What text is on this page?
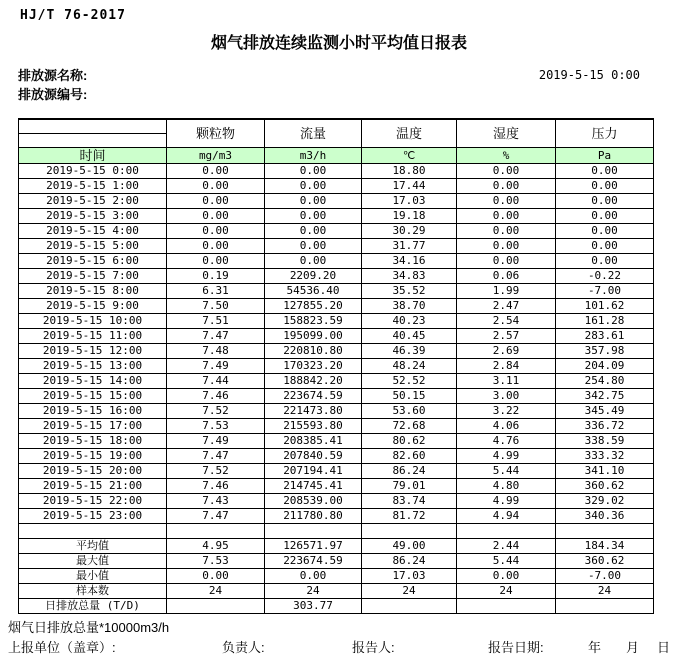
HJ/T 76-2017
烟气排放连续监测小时平均值日报表
排放源名称:
排放源编号:
2019-5-15 0:00
	颗粒物	流量	温度	湿度	压力

时间	mg/m3	m3/h	℃	%	Pa
2019-5-15 0:00	0.00	0.00	18.80	0.00	0.00
2019-5-15 1:00	0.00	0.00	17.44	0.00	0.00
2019-5-15 2:00	0.00	0.00	17.03	0.00	0.00
2019-5-15 3:00	0.00	0.00	19.18	0.00	0.00
2019-5-15 4:00	0.00	0.00	30.29	0.00	0.00
2019-5-15 5:00	0.00	0.00	31.77	0.00	0.00
2019-5-15 6:00	0.00	0.00	34.16	0.00	0.00
2019-5-15 7:00	0.19	2209.20	34.83	0.06	-0.22
2019-5-15 8:00	6.31	54536.40	35.52	1.99	-7.00
2019-5-15 9:00	7.50	127855.20	38.70	2.47	101.62
2019-5-15 10:00	7.51	158823.59	40.23	2.54	161.28
2019-5-15 11:00	7.47	195099.00	40.45	2.57	283.61
2019-5-15 12:00	7.48	220810.80	46.39	2.69	357.98
2019-5-15 13:00	7.49	170323.20	48.24	2.84	204.09
2019-5-15 14:00	7.44	188842.20	52.52	3.11	254.80
2019-5-15 15:00	7.46	223674.59	50.15	3.00	342.75
2019-5-15 16:00	7.52	221473.80	53.60	3.22	345.49
2019-5-15 17:00	7.53	215593.80	72.68	4.06	336.72
2019-5-15 18:00	7.49	208385.41	80.62	4.76	338.59
2019-5-15 19:00	7.47	207840.59	82.60	4.99	333.32
2019-5-15 20:00	7.52	207194.41	86.24	5.44	341.10
2019-5-15 21:00	7.46	214745.41	79.01	4.80	360.62
2019-5-15 22:00	7.43	208539.00	83.74	4.99	329.02
2019-5-15 23:00	7.47	211780.80	81.72	4.94	340.36

平均值	4.95	126571.97	49.00	2.44	184.34
最大值	7.53	223674.59	86.24	5.44	360.62
最小值	0.00	0.00	17.03	0.00	-7.00
样本数	24	24	24	24	24
日排放总量 (T/D)		303.77			
烟气日排放总量*10000m3/h
上报单位（盖章）:	负责人:	报告人:	报告日期:	年 月 日
